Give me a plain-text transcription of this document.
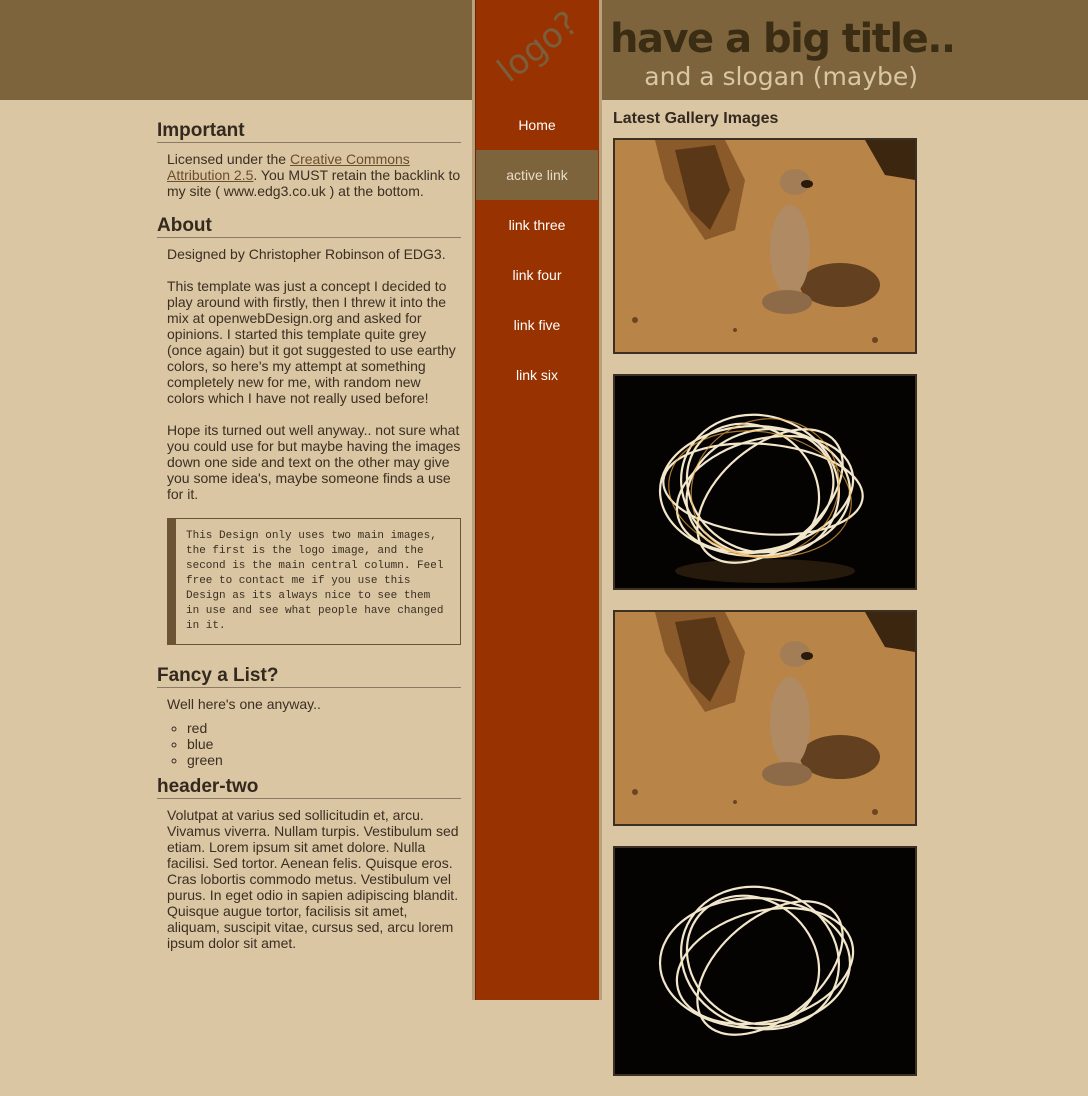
logo?
Home
active link
link three
link four
link five
link six
have a big title..
and a slogan (maybe)
Important

Licensed under the Creative Commons Attribution 2.5. You MUST retain the backlink to my site ( www.edg3.co.uk ) at the bottom.

About

Designed by Christopher Robinson of EDG3.

This template was just a concept I decided to play around with firstly, then I threw it into the mix at openwebDesign.org and asked for opinions. I started this template quite grey (once again) but it got suggested to use earthy colors, so here's my attempt at something completely new for me, with random new colors which I have not really used before!

Hope its turned out well anyway.. not sure what you could use for but maybe having the images down one side and text on the other may give you some idea's, maybe someone finds a use for it.

This Design only uses two main images, the first is the logo image, and the second is the main central column. Feel free to contact me if you use this Design as its always nice to see them in use and see what people have changed in it.
Fancy a List?

Well here's one anyway..

◦ red
◦ blue
◦ green
header-two

Volutpat at varius sed sollicitudin et, arcu. Vivamus viverra. Nullam turpis. Vestibulum sed etiam. Lorem ipsum sit amet dolore. Nulla facilisi. Sed tortor. Aenean felis. Quisque eros. Cras lobortis commodo metus. Vestibulum vel purus. In eget odio in sapien adipiscing blandit. Quisque augue tortor, facilisis sit amet, aliquam, suscipit vitae, cursus sed, arcu lorem ipsum dolor sit amet.

Latest Gallery Images
